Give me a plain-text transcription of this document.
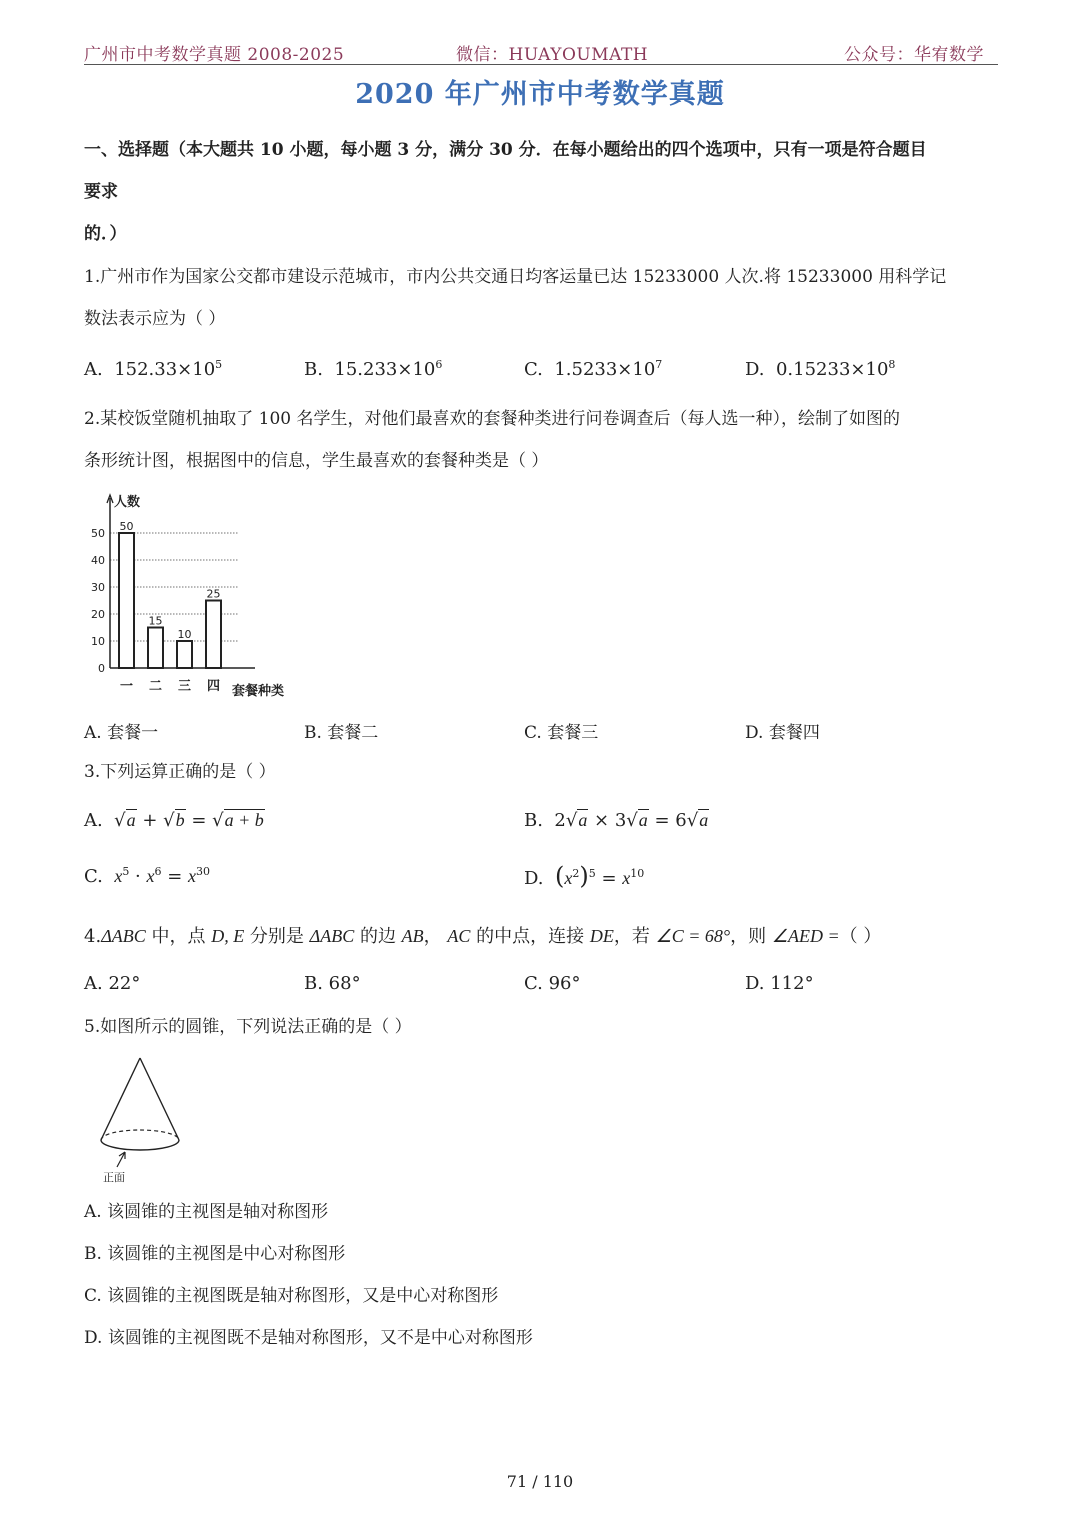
广州市中考数学真题 2008-2025	微信：HUAYOUMATH	公众号：华宥数学
2020 年广州市中考数学真题
一、选择题（本大题共 10 小题，每小题 3 分，满分 30 分．在每小题给出的四个选项中，只有一项是符合题目
要求
的．）
1.广州市作为国家公交都市建设示范城市，市内公共交通日均客运量已达 15233000 人次.将 15233000 用科学记
数法表示应为（ ）
A. $152.33\times 10^5$	B. $15.233\times 10^6$	C. $1.5233\times 10^7$	D. $0.15233\times 10^8$
2.某校饭堂随机抽取了 100 名学生，对他们最喜欢的套餐种类进行问卷调查后（每人选一种），绘制了如图的
条形统计图，根据图中的信息，学生最喜欢的套餐种类是（ ）
0
10
20
30
40
50
人数
套餐种类
50
一
15
二
10
三
25
四
A. 套餐一	B. 套餐二	C. 套餐三	D. 套餐四
3.下列运算正确的是（ ）
A.  √a + √b = √a + b	B.  2√a × 3√a = 6√a
C. $x^5 \cdot x^6 = x^{30}$	D. $(x^2)^5 = x^{10}$
4.ΔABC 中，点 D, E 分别是 ΔABC 的边 AB， AC 的中点，连接 DE，若 ∠C = 68°，则 ∠AED =（ ）
A. 22°	B. 68°	C. 96°	D. 112°
5.如图所示的圆锥，下列说法正确的是（ ）
正面
A. 该圆锥的主视图是轴对称图形
B. 该圆锥的主视图是中心对称图形
C. 该圆锥的主视图既是轴对称图形，又是中心对称图形
D. 该圆锥的主视图既不是轴对称图形，又不是中心对称图形
71 / 110
